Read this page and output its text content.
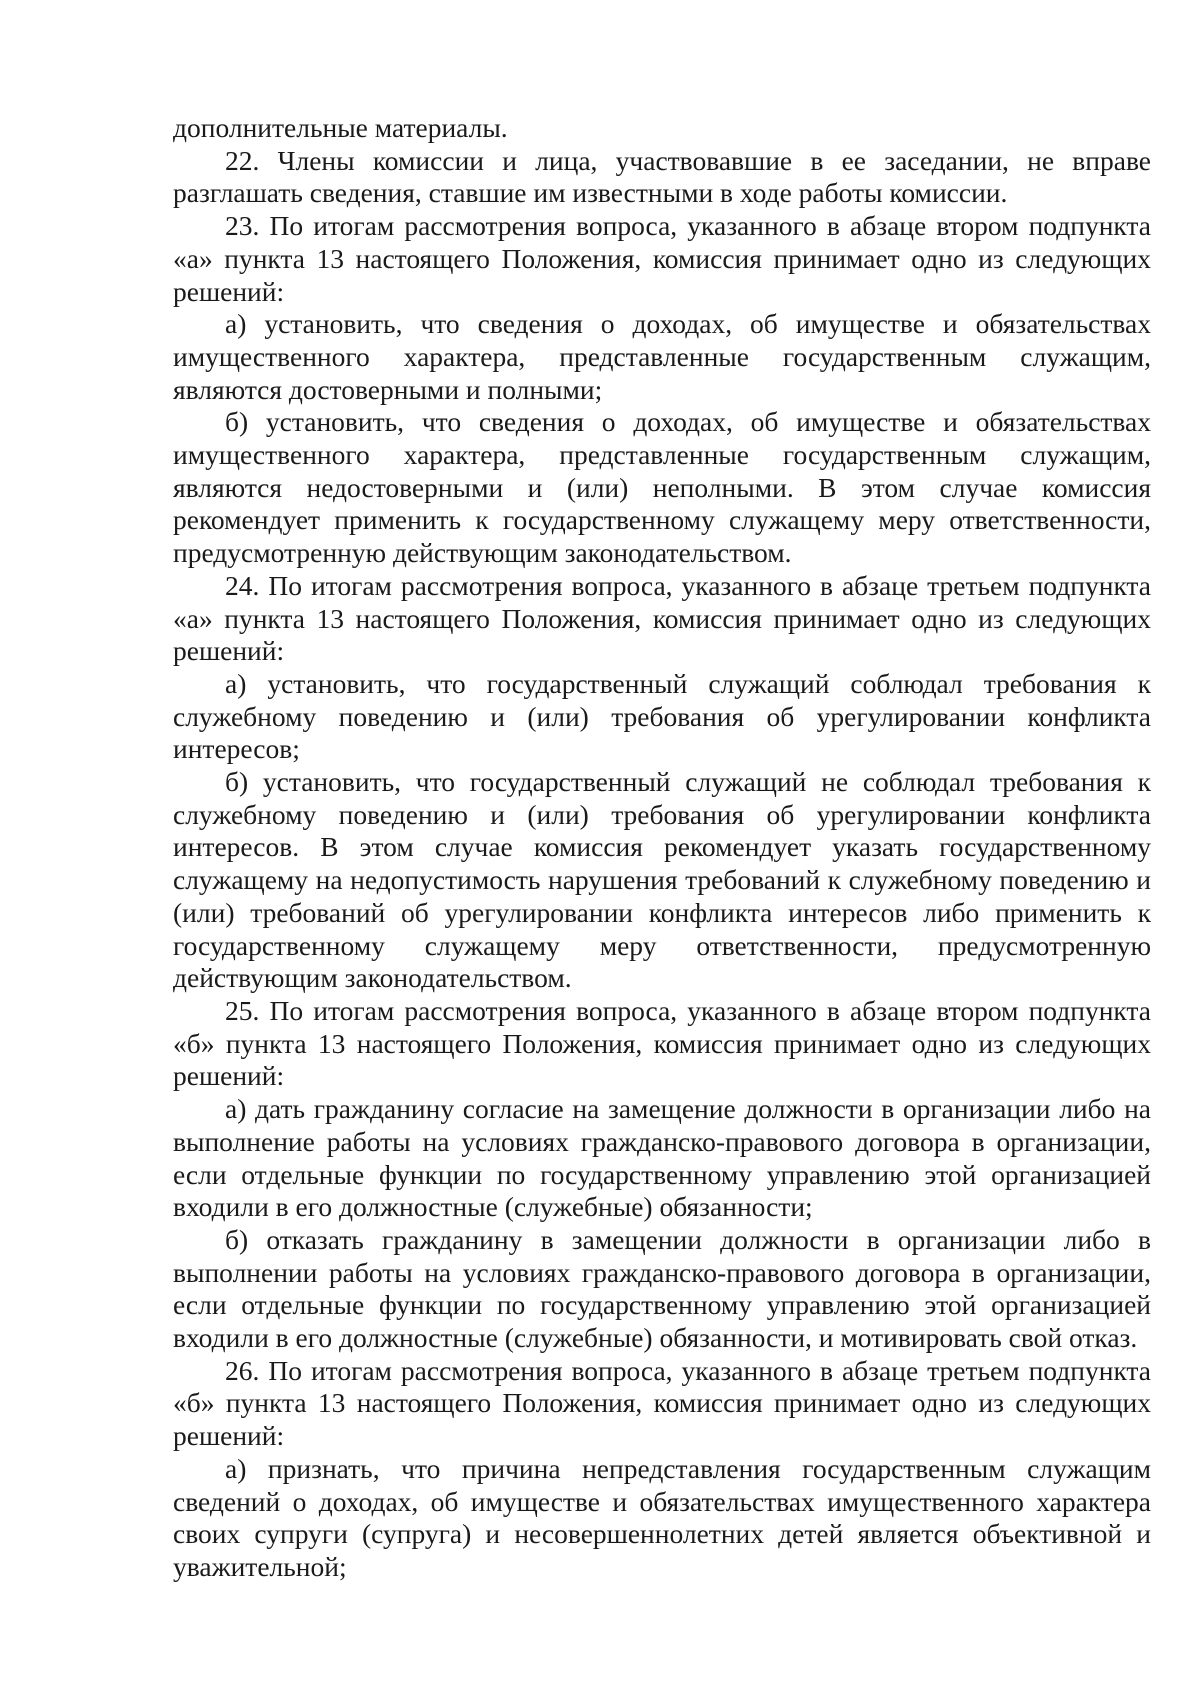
дополнительные материалы.

22. Члены комиссии и лица, участвовавшие в ее заседании, не вправе разглашать сведения, ставшие им известными в ходе работы комиссии.

23. По итогам рассмотрения вопроса, указанного в абзаце втором подпункта «а» пункта 13 настоящего Положения, комиссия принимает одно из следующих решений:

а) установить, что сведения о доходах, об имуществе и обязательствах имущественного характера, представленные государственным служащим, являются достоверными и полными;

б) установить, что сведения о доходах, об имуществе и обязательствах имущественного характера, представленные государственным служащим, являются недостоверными и (или) неполными. В этом случае комиссия рекомендует применить к государственному служащему меру ответственности, предусмотренную действующим законодательством.

24. По итогам рассмотрения вопроса, указанного в абзаце третьем подпункта «а» пункта 13 настоящего Положения, комиссия принимает одно из следующих решений:

а) установить, что государственный служащий соблюдал требования к служебному поведению и (или) требования об урегулировании конфликта интересов;

б) установить, что государственный служащий не соблюдал требования к служебному поведению и (или) требования об урегулировании конфликта интересов. В этом случае комиссия рекомендует указать государственному служащему на недопустимость нарушения требований к служебному поведению и (или) требований об урегулировании конфликта интересов либо применить к государственному служащему меру ответственности, предусмотренную действующим законодательством.

25. По итогам рассмотрения вопроса, указанного в абзаце втором подпункта «б» пункта 13 настоящего Положения, комиссия принимает одно из следующих решений:

а) дать гражданину согласие на замещение должности в организации либо на выполнение работы на условиях гражданско-правового договора в организации, если отдельные функции по государственному управлению этой организацией входили в его должностные (служебные) обязанности;

б) отказать гражданину в замещении должности в организации либо в выполнении работы на условиях гражданско-правового договора в организации, если отдельные функции по государственному управлению этой организацией входили в его должностные (служебные) обязанности, и мотивировать свой отказ.

26. По итогам рассмотрения вопроса, указанного в абзаце третьем подпункта «б» пункта 13 настоящего Положения, комиссия принимает одно из следующих решений:

а) признать, что причина непредставления государственным служащим сведений о доходах, об имуществе и обязательствах имущественного характера своих супруги (супруга) и несовершеннолетних детей является объективной и уважительной;
